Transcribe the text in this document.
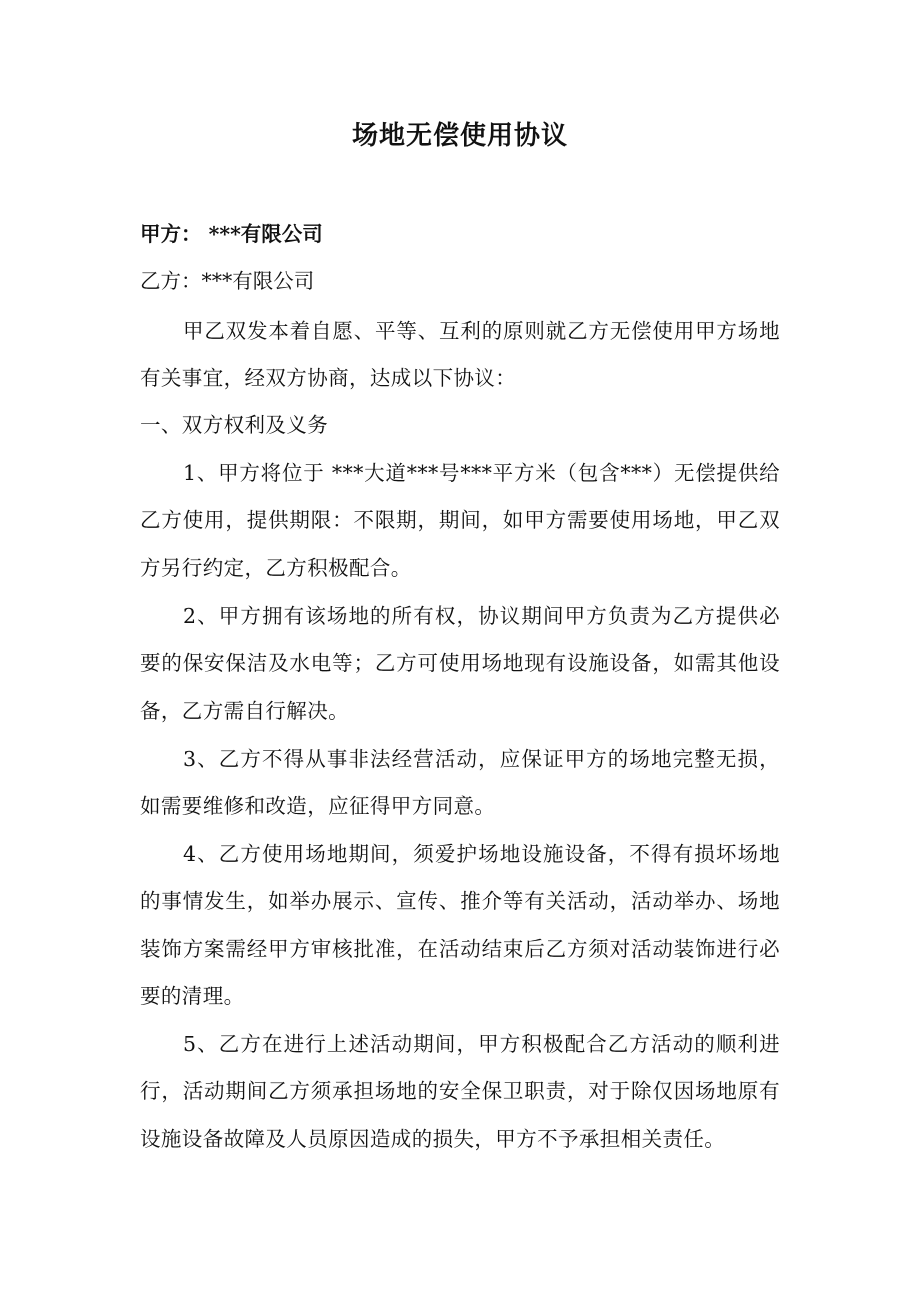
场地无偿使用协议
甲方： ***有限公司
乙方：***有限公司
甲乙双发本着自愿、平等、互利的原则就乙方无偿使用甲方场地有关事宜，经双方协商，达成以下协议：
一、双方权利及义务
1、甲方将位于 ***大道***号***平方米（包含***）无偿提供给乙方使用，提供期限：不限期，期间，如甲方需要使用场地，甲乙双方另行约定，乙方积极配合。
2、甲方拥有该场地的所有权，协议期间甲方负责为乙方提供必要的保安保洁及水电等；乙方可使用场地现有设施设备，如需其他设备，乙方需自行解决。
3、乙方不得从事非法经营活动，应保证甲方的场地完整无损，如需要维修和改造，应征得甲方同意。
4、乙方使用场地期间，须爱护场地设施设备，不得有损坏场地的事情发生，如举办展示、宣传、推介等有关活动，活动举办、场地装饰方案需经甲方审核批准，在活动结束后乙方须对活动装饰进行必要的清理。
5、乙方在进行上述活动期间，甲方积极配合乙方活动的顺利进行，活动期间乙方须承担场地的安全保卫职责，对于除仅因场地原有设施设备故障及人员原因造成的损失，甲方不予承担相关责任。
